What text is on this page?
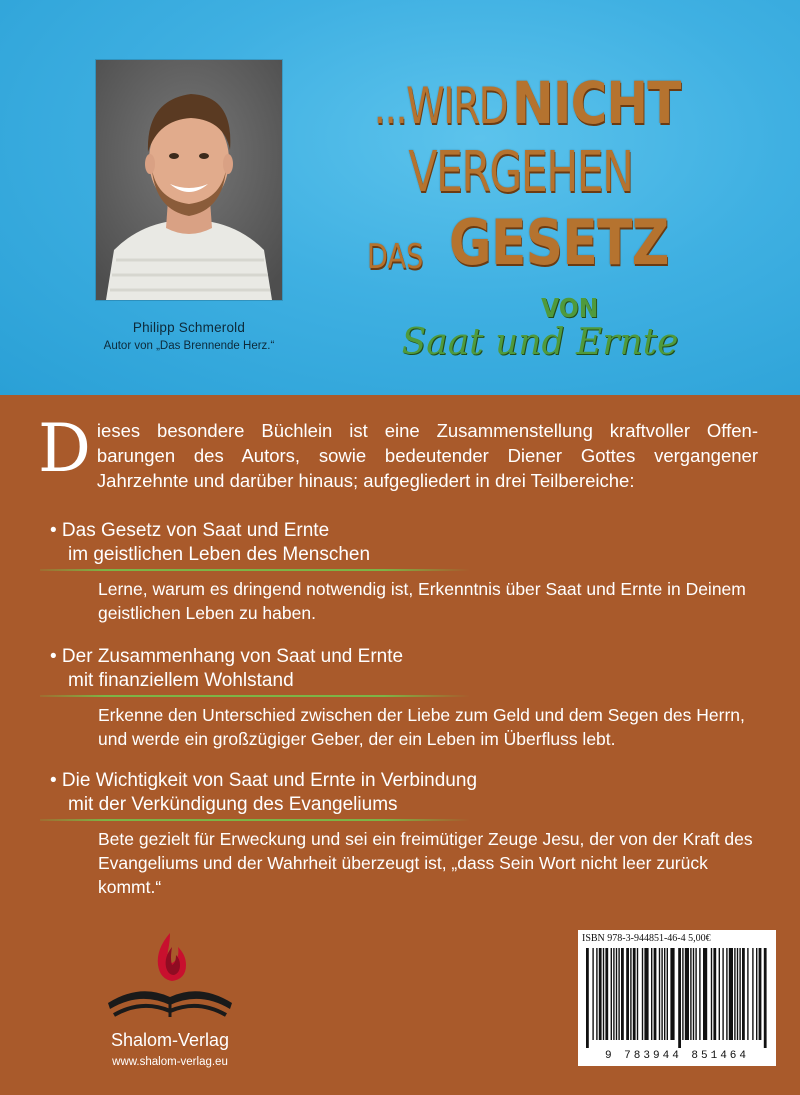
Philipp Schmerold
Autor von „Das Brennende Herz.“
...WIRD NICHT
VERGEHEN
DAS GESETZ
VON
Saat und Ernte
D ieses besondere Büchlein ist eine Zusammenstellung kraftvoller Offen- barungen des Autors, sowie bedeutender Diener Gottes vergangener Jahrzehnte und darüber hinaus; aufgegliedert in drei Teilbereiche:
• Das Gesetz von Saat und Ernte
im geistlichen Leben des Menschen
Lerne, warum es dringend notwendig ist, Erkenntnis über Saat und Ernte in Deinem geistlichen Leben zu haben.
• Der Zusammenhang von Saat und Ernte
mit finanziellem Wohlstand
Erkenne den Unterschied zwischen der Liebe zum Geld und dem Segen des Herrn, und werde ein großzügiger Geber, der ein Leben im Überfluss lebt.
• Die Wichtigkeit von Saat und Ernte in Verbindung
mit der Verkündigung des Evangeliums
Bete gezielt für Erweckung und sei ein freimütiger Zeuge Jesu, der von der Kraft des Evangeliums und der Wahrheit überzeugt ist, „dass Sein Wort nicht leer zurück kommt.“
Shalom-Verlag
www.shalom-verlag.eu
ISBN 978-3-944851-46-4 5,00€
9 783944 851464
